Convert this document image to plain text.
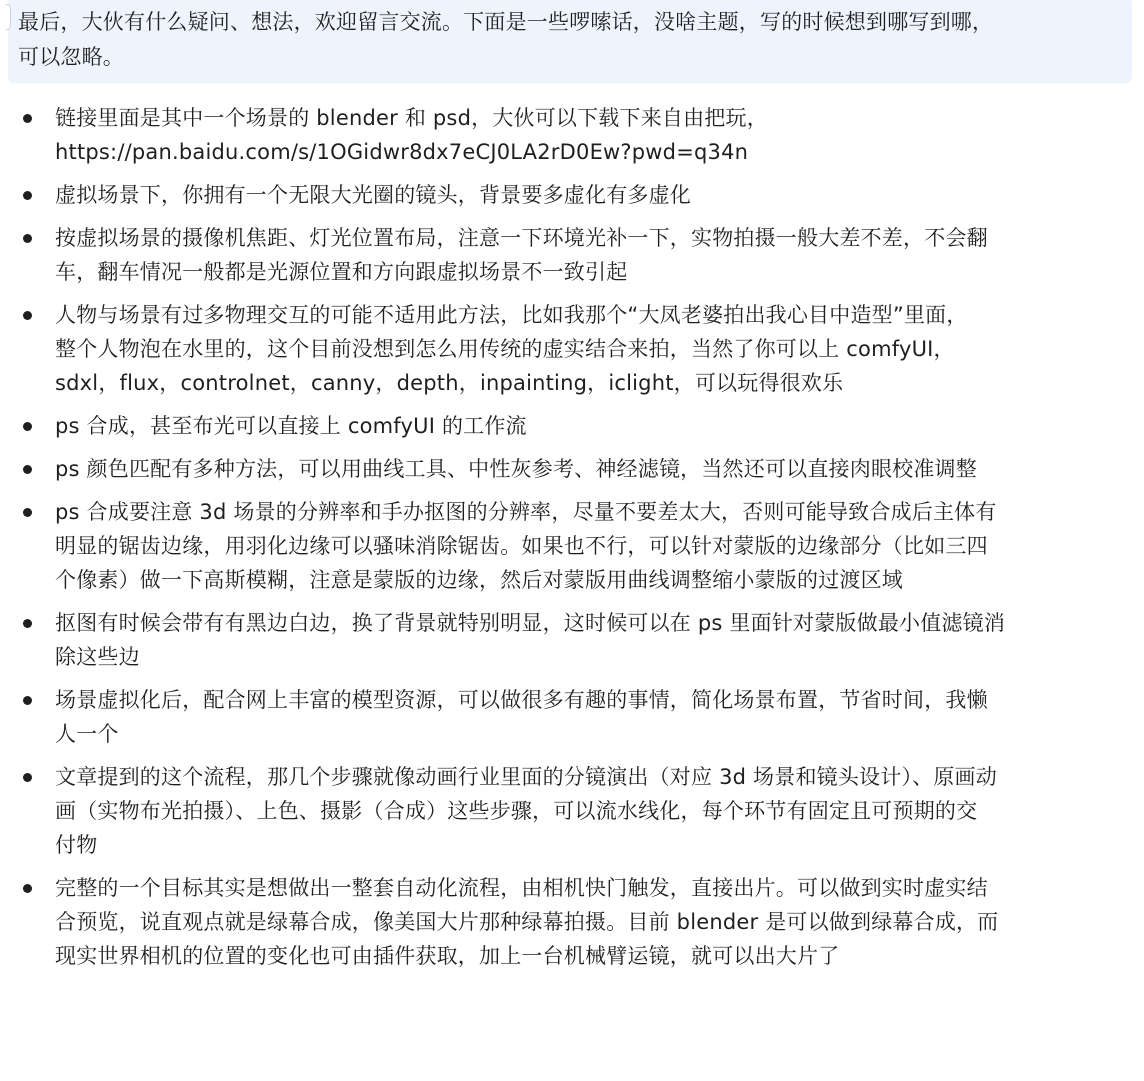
最后，大伙有什么疑问、想法，欢迎留言交流。下面是一些啰嗦话，没啥主题，写的时候想到哪写到哪，
可以忽略。
链接里面是其中一个场景的 blender 和 psd，大伙可以下载下来自由把玩，
https://pan.baidu.com/s/1OGidwr8dx7eCJ0LA2rD0Ew?pwd=q34n
虚拟场景下，你拥有一个无限大光圈的镜头，背景要多虚化有多虚化
按虚拟场景的摄像机焦距、灯光位置布局，注意一下环境光补一下，实物拍摄一般大差不差，不会翻
车，翻车情况一般都是光源位置和方向跟虚拟场景不一致引起
人物与场景有过多物理交互的可能不适用此方法，比如我那个“大凤老婆拍出我心目中造型”里面，
整个人物泡在水里的，这个目前没想到怎么用传统的虚实结合来拍，当然了你可以上 comfyUI，
sdxl，flux，controlnet，canny，depth，inpainting，iclight，可以玩得很欢乐
ps 合成，甚至布光可以直接上 comfyUI 的工作流
ps 颜色匹配有多种方法，可以用曲线工具、中性灰参考、神经滤镜，当然还可以直接肉眼校准调整
ps 合成要注意 3d 场景的分辨率和手办抠图的分辨率，尽量不要差太大，否则可能导致合成后主体有
明显的锯齿边缘，用羽化边缘可以骚味消除锯齿。如果也不行，可以针对蒙版的边缘部分（比如三四
个像素）做一下高斯模糊，注意是蒙版的边缘，然后对蒙版用曲线调整缩小蒙版的过渡区域
抠图有时候会带有有黑边白边，换了背景就特别明显，这时候可以在 ps 里面针对蒙版做最小值滤镜消
除这些边
场景虚拟化后，配合网上丰富的模型资源，可以做很多有趣的事情，简化场景布置，节省时间，我懒
人一个
文章提到的这个流程，那几个步骤就像动画行业里面的分镜演出（对应 3d 场景和镜头设计）、原画动
画（实物布光拍摄）、上色、摄影（合成）这些步骤，可以流水线化，每个环节有固定且可预期的交
付物
完整的一个目标其实是想做出一整套自动化流程，由相机快门触发，直接出片。可以做到实时虚实结
合预览，说直观点就是绿幕合成，像美国大片那种绿幕拍摄。目前 blender 是可以做到绿幕合成，而
现实世界相机的位置的变化也可由插件获取，加上一台机械臂运镜，就可以出大片了
